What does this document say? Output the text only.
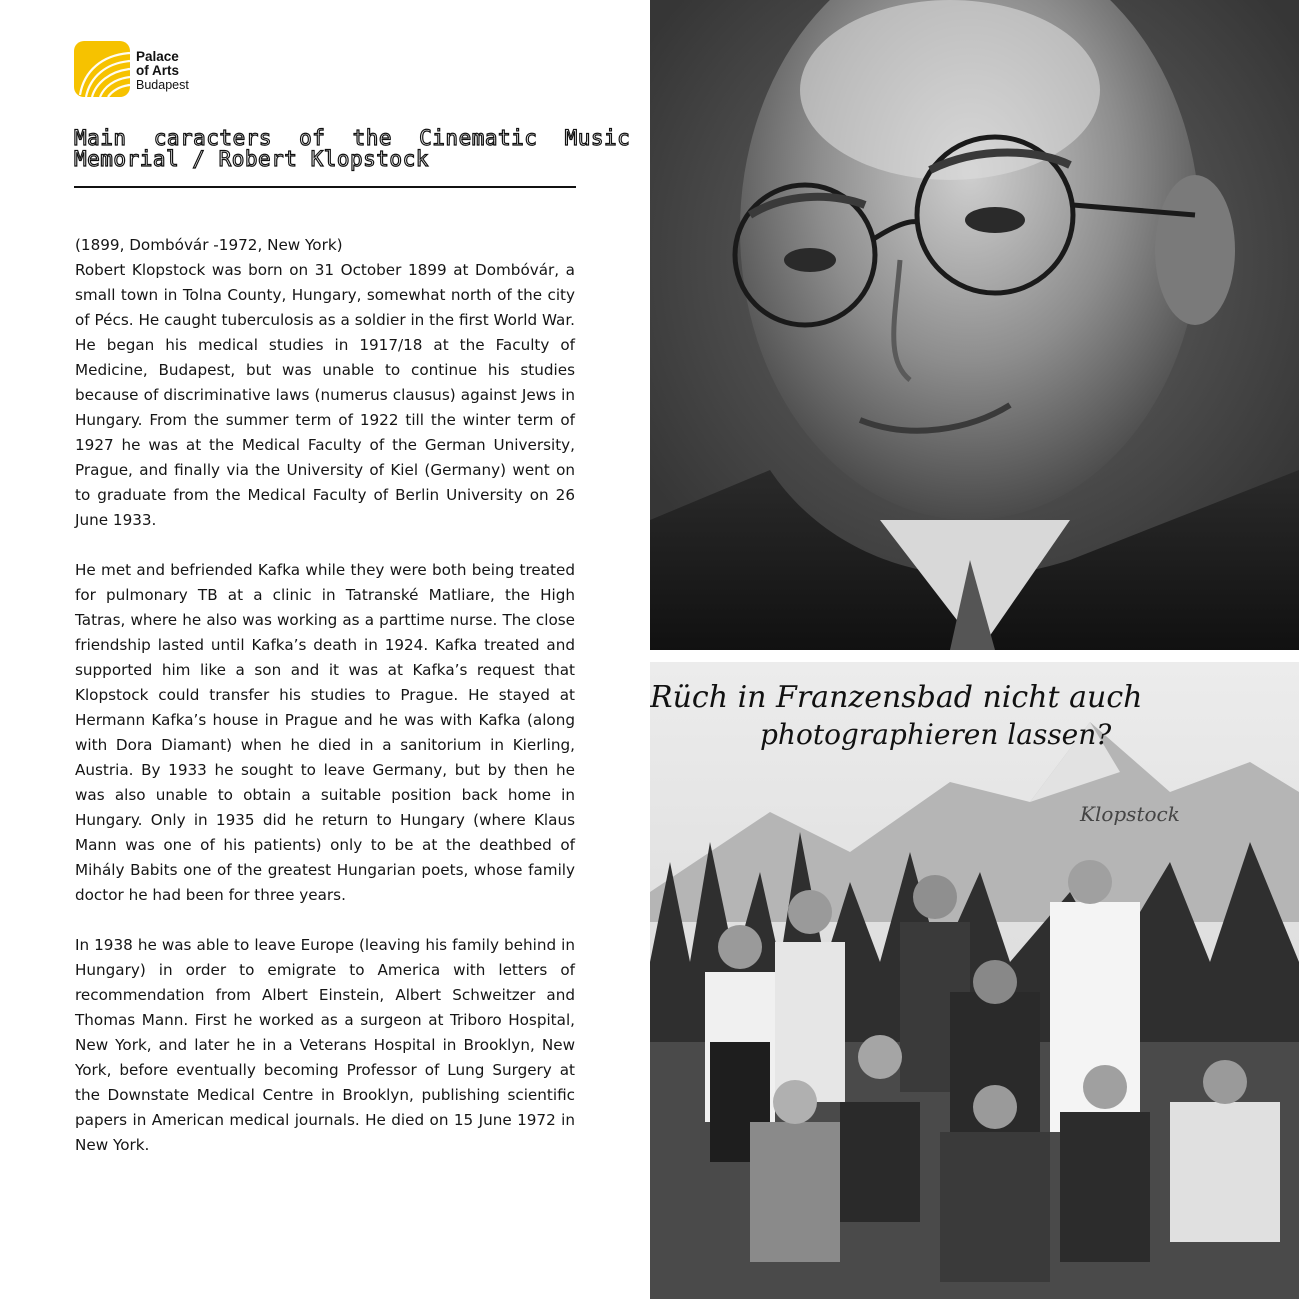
Palace
of Arts
Budapest
Main caracters of the Cinematic Music
Memorial / Robert Klopstock

(1899, Dombóvár -1972, New York)

Robert Klopstock was born on 31 October 1899 at Dombóvár, a small town in Tolna County, Hungary, somewhat north of the city of Pécs. He caught tuberculosis as a soldier in the first World War. He began his medical studies in 1917/18 at the Faculty of Medicine, Budapest, but was unable to continue his studies because of discriminative laws (numerus clausus) against Jews in Hungary. From the summer term of 1922 till the winter term of 1927 he was at the Medical Faculty of the German University, Prague, and finally via the University of Kiel (Germany) went on to graduate from the Medical Faculty of Berlin University on 26 June 1933.

He met and befriended Kafka while they were both being treated for pulmonary TB at a clinic in Tatranské Matliare, the High Tatras, where he also was working as a parttime nurse. The close friendship lasted until Kafka’s death in 1924. Kafka treated and supported him like a son and it was at Kafka’s request that Klopstock could transfer his studies to Prague. He stayed at Hermann Kafka’s house in Prague and he was with Kafka (along with Dora Diamant) when he died in a sanitorium in Kierling, Austria. By 1933 he sought to leave Germany, but by then he was also unable to obtain a suitable position back home in Hungary. Only in 1935 did he return to Hungary (where Klaus Mann was one of his patients) only to be at the deathbed of Mihály Babits one of the greatest Hungarian poets, whose family doctor he had been for three years.

In 1938 he was able to leave Europe (leaving his family behind in Hungary) in order to emigrate to America with letters of recommendation from Albert Einstein, Albert Schweitzer and Thomas Mann. First he worked as a surgeon at Triboro Hospital, New York, and later he in a Veterans Hospital in Brooklyn, New York, before eventually becoming Professor of Lung Surgery at the Downstate Medical Centre in Brooklyn, publishing scientific papers in American medical journals. He died on 15 June 1972 in New York.

Rüch in Franzensbad nicht auch
photographieren lassen?
Klopstock
